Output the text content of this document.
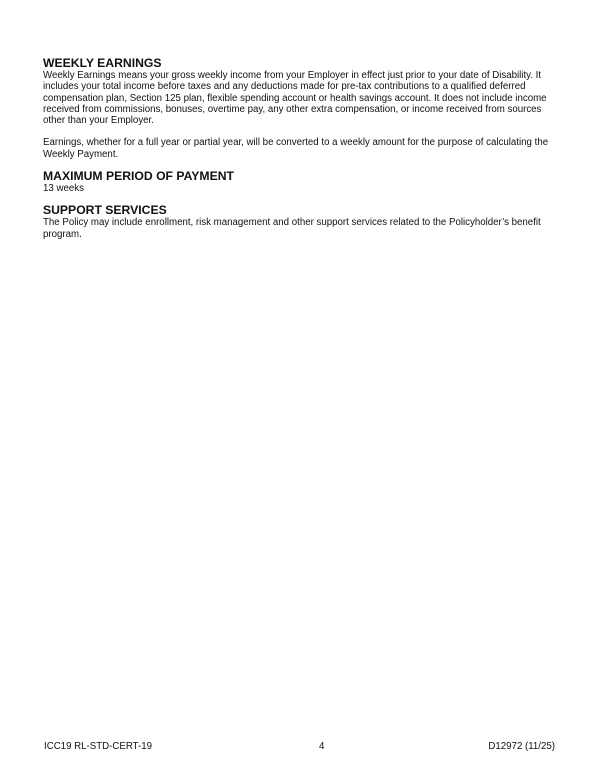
WEEKLY EARNINGS

Weekly Earnings means your gross weekly income from your Employer in effect just prior to your date of Disability. It includes your total income before taxes and any deductions made for pre-tax contributions to a qualified deferred compensation plan, Section 125 plan, flexible spending account or health savings account. It does not include income received from commissions, bonuses, overtime pay, any other extra compensation, or income received from sources other than your Employer.

Earnings, whether for a full year or partial year, will be converted to a weekly amount for the purpose of calculating the Weekly Payment.

MAXIMUM PERIOD OF PAYMENT

13 weeks

SUPPORT SERVICES

The Policy may include enrollment, risk management and other support services related to the Policyholder’s benefit program.

ICC19 RL-STD-CERT-19	4	D12972 (11/25)
